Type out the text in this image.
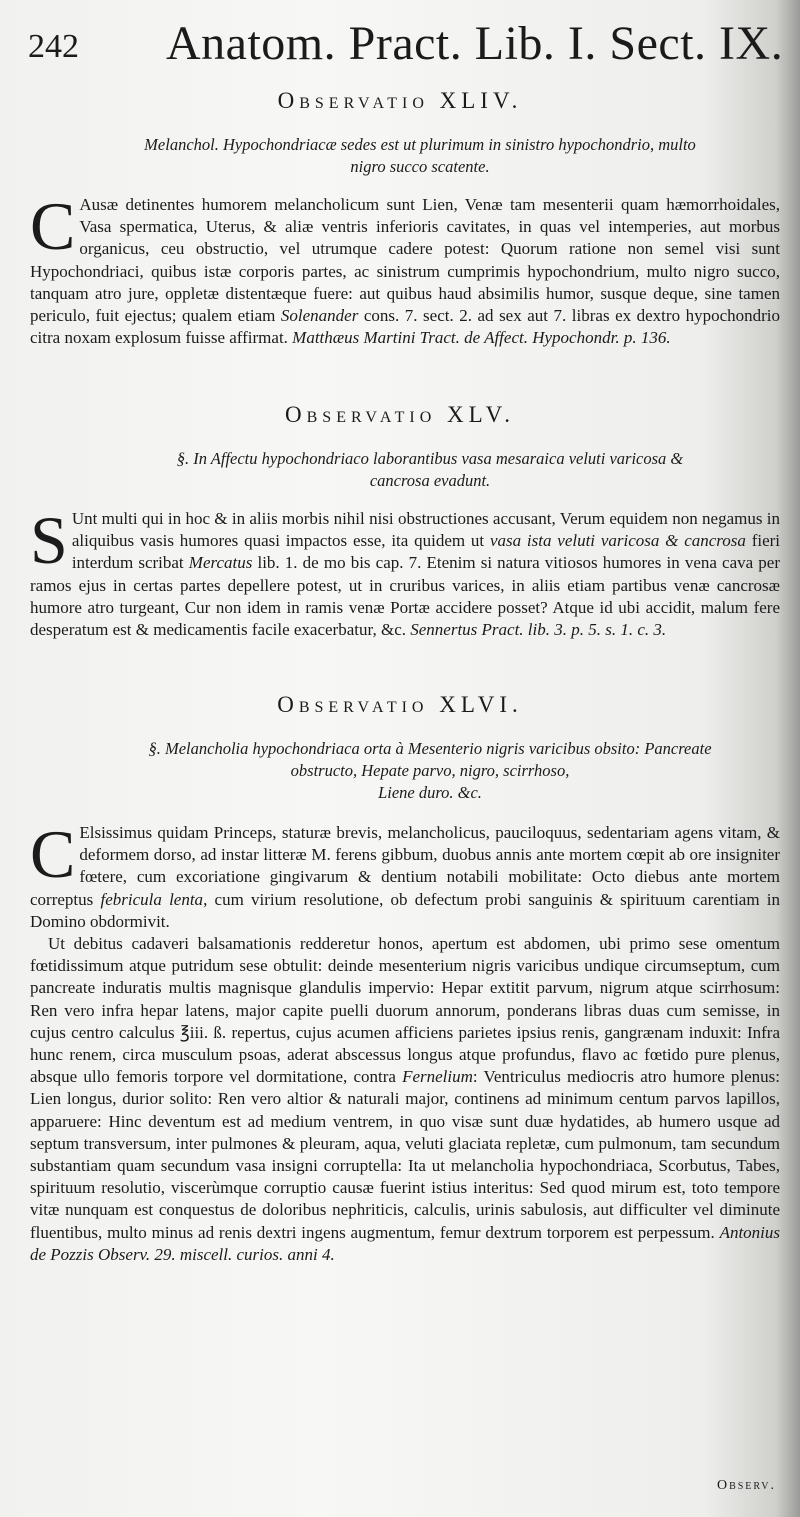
242 Anatom. Pract. Lib. I. Sect. IX.
Observatio XLIV.
Melanchol. Hypochondriacæ sedes est ut plurimum in sinistro hypochondrio, multo
nigro succo scatente.

C Ausæ detinentes humorem melancholicum sunt Lien, Venæ tam mesenterii quam hæmorrhoidales, Vasa spermatica, Uterus, & aliæ ventris inferioris cavitates, in quas vel intemperies, aut morbus organicus, ceu obstructio, vel utrumque cadere potest: Quorum ratione non semel visi sunt Hypochondriaci, quibus istæ corporis partes, ac sinistrum cumprimis hypochondrium, multo nigro succo, tanquam atro jure, oppletæ distentæque fuere: aut quibus haud absimilis humor, susque deque, sine tamen periculo, fuit ejectus; qualem etiam Solenander cons. 7. sect. 2. ad sex aut 7. libras ex dextro hypochondrio citra noxam explosum fuisse affirmat. Matthæus Martini Tract. de Affect. Hypochondr. p. 136.

Observatio XLV.
§. In Affectu hypochondriaco laborantibus vasa mesaraica veluti varicosa &
cancrosa evadunt.

S Unt multi qui in hoc & in aliis morbis nihil nisi obstructiones accusant, Verum equidem non negamus in aliquibus vasis humores quasi impactos esse, ita quidem ut vasa ista veluti varicosa & cancrosa fieri interdum scribat Mercatus lib. 1. de mo bis cap. 7. Etenim si natura vitiosos humores in vena cava per ramos ejus in certas partes depellere potest, ut in cruribus varices, in aliis etiam partibus venæ cancrosæ humore atro turgeant, Cur non idem in ramis venæ Portæ accidere posset? Atque id ubi accidit, malum fere desperatum est & medicamentis facile exacerbatur, &c. Sennertus Pract. lib. 3. p. 5. s. 1. c. 3.

Observatio XLVI.
§. Melancholia hypochondriaca orta à Mesenterio nigris varicibus obsito: Pancreate
obstructo, Hepate parvo, nigro, scirrhoso,
Liene duro. &c.

C Elsissimus quidam Princeps, staturæ brevis, melancholicus, pauciloquus, sedentariam agens vitam, & deformem dorso, ad instar litteræ M. ferens gibbum, duobus annis ante mortem cœpit ab ore insigniter fœtere, cum excoriatione gingivarum & dentium notabili mobilitate: Octo diebus ante mortem correptus febricula lenta, cum virium resolutione, ob defectum probi sanguinis & spirituum carentiam in Domino obdormivit.

Ut debitus cadaveri balsamationis redderetur honos, apertum est abdomen, ubi primo sese omentum fœtidissimum atque putridum sese obtulit: deinde mesenterium nigris varicibus undique circumseptum, cum pancreate induratis multis magnisque glandulis impervio: Hepar extitit parvum, nigrum atque scirrhosum: Ren vero infra hepar latens, major capite puelli duorum annorum, ponderans libras duas cum semisse, in cujus centro calculus ℥iii. ß. repertus, cujus acumen afficiens parietes ipsius renis, gangrænam induxit: Infra hunc renem, circa musculum psoas, aderat abscessus longus atque profundus, flavo ac fœtido pure plenus, absque ullo femoris torpore vel dormitatione, contra Fernelium: Ventriculus mediocris atro humore plenus: Lien longus, durior solito: Ren vero altior & naturali major, continens ad minimum centum parvos lapillos, apparuere: Hinc deventum est ad medium ventrem, in quo visæ sunt duæ hydatides, ab humero usque ad septum transversum, inter pulmones & pleuram, aqua, veluti glaciata repletæ, cum pulmonum, tam secundum substantiam quam secundum vasa insigni corruptella: Ita ut melancholia hypochondriaca, Scorbutus, Tabes, spirituum resolutio, viscerùmque corruptio causæ fuerint istius interitus: Sed quod mirum est, toto tempore vitæ nunquam est conquestus de doloribus nephriticis, calculis, urinis sabulosis, aut difficulter vel diminute fluentibus, multo minus ad renis dextri ingens augmentum, femur dextrum torporem est perpessum. Antonius de Pozzis Observ. 29. miscell. curios. anni 4.

Observ.
